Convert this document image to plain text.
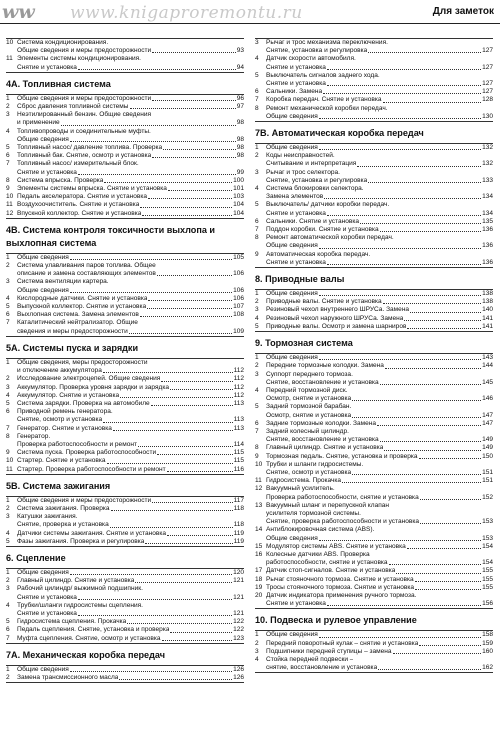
ww www.knigaproremontu.ru	Для заметок
10 Система кондиционирования.
Общие сведения и меры предосторожности	93
11 Элементы системы кондиционирования.
Снятие и установка	94
4А. Топливная система
1	Общие сведения и меры предосторожности	96
2	Сброс давления топливной системы	97
3	Неэтилированный бензин. Общие сведения
и применение	98
4	Топливопроводы и соединительные муфты.
Общие сведения	98
5	Топливный насос/ давление топлива. Проверка	98
6	Топливный бак. Снятие, осмотр и установка	98
7	Топливный насос/ измерительный блок.
Снятие и установка	99
8	Система впрыска. Проверка	100
9	Элементы системы впрыска. Снятие и установка	101
10 Педаль акселератора. Снятие и установка	103
11 Воздухоочиститель. Снятие и установка	104
12 Впускной коллектор. Снятие и установка	104
4В. Система контроля токсичности выхлопа и выхлопная система
1	Общие сведения	105
2	Система улавливания паров топлива. Общее
описание и замена составляющих элементов	106
3	Система вентиляции картера.
Общие сведения	106
4	Кислородные датчики. Снятие и установка	106
5	Выпускной коллектор. Снятие и установка	107
6	Выхлопная система. Замена элементов	108
7	Каталитический нейтрализатор. Общие
сведения и меры предосторожности	109
5А. Системы пуска и зарядки
1	Общие сведения, меры предосторожности
и отключение аккумулятора	112
2	Исследование электроцепей. Общие сведения	112
3	Аккумулятор. Проверка уровня зарядки и зарядка	112
4	Аккумулятор. Снятие и установка	112
5	Система зарядки. Проверка на автомобиле	113
6	Приводной ремень генератора.
Снятие, осмотр и установка	113
7	Генератор. Снятие и установка	113
8	Генератор.
Проверка работоспособности и ремонт	114
9	Система пуска. Проверка работоспособности	115
10 Стартер. Снятие и установка	115
11 Стартер. Проверка работоспособности и ремонт	116
5В. Система зажигания
1	Общие сведения и меры предосторожности	117
2	Система зажигания. Проверка	118
3	Катушки зажигания.
Снятие, проверка и установка	118
4	Датчики системы зажигания. Снятие и установка	119
5	Фазы зажигания. Проверка и регулировка	119
6. Сцепление
1	Общие сведения	120
2	Главный цилиндр. Снятие и установка	121
3	Рабочий цилиндр/ выжимной подшипник.
Снятие и установка	121
4	Трубки/шланги гидросистемы сцепления.
Снятие и установка	121
5	Гидросистема сцепления. Прокачка	122
6	Педаль сцепления. Снятие, установка и проверка	122
7	Муфта сцепления. Снятие, осмотр и установка	123
7А. Механическая коробка передач
1	Общие сведения	126
2	Замена трансмиссионного масла	126
3	Рычаг и трос механизма переключения.
Снятие, установка и регулировка	127
4	Датчик скорости автомобиля.
Снятие и установка	127
5	Выключатель сигналов заднего хода.
Снятие и установка	127
6	Сальники. Замена	127
7	Коробка передач. Снятие и установка	128
8	Ремонт механической коробки передач.
Общие сведения	130
7В. Автоматическая коробка передач
1	Общие сведения	132
2	Коды неисправностей.
Считывание и интерпретация	132
3	Рычаг и трос селектора.
Снятие, установка и регулировка	133
4	Система блокировки селектора.
Замена элементов	134
5	Выключатель/ датчики коробки передач.
Снятие и установка	134
6	Сальники. Снятие и установка	135
7	Поддон коробки. Снятие и установка	136
8	Ремонт автоматической коробки передач.
Общие сведения	136
9	Автоматическая коробка передач.
Снятие и установка	136
8. Приводные валы
1	Общие сведения	138
2	Приводные валы. Снятие и установка	138
3	Резиновый чехол внутреннего ШРУСа. Замена	140
4	Резиновый чехол наружного ШРУСа. Замена	141
5	Приводные валы. Осмотр и замена шарниров	141
9. Тормозная система
1	Общие сведения	143
2	Передние тормозные колодки. Замена	144
3	Суппорт переднего тормоза.
Снятие, восстановление и установка	145
4	Передний тормозной диск.
Осмотр, снятие и установка	146
5	Задний тормозной барабан.
Осмотр, снятие и установка	147
6	Задние тормозные колодки. Замена	147
7	Задний колесный цилиндр.
Снятие, восстановление и установка	149
8	Главный цилиндр. Снятие и установка	149
9	Тормозная педаль. Снятие, установка и проверка	150
10 Трубки и шланги гидросистемы.
Снятие, осмотр и установка	151
11 Гидросистема. Прокачка	151
12 Вакуумный усилитель.
Проверка работоспособности, снятие и установка	152
13 Вакуумный шланг и перепускной клапан
усилителя тормозной системы.
Снятие, проверка работоспособности и установка	153
14 Антиблокировочная система (ABS).
Общие сведения	153
15 Модулятор системы ABS. Снятие и установка	154
16 Колесные датчики ABS. Проверка
работоспособности, снятие и установка	154
17 Датчик стоп-сигналов. Снятие и установка	155
18 Рычаг стояночного тормоза. Снятие и установка	155
19 Тросы стояночного тормоза. Снятие и установка	155
20 Датчик индикатора применения ручного тормоза.
Снятие и установка	156
10. Подвеска и рулевое управление
1	Общие сведения	158
2	Передний поворотный кулак – снятие и установка	159
3	Подшипники передней ступицы – замена	160
4	Стойка передней подвески –
снятие, восстановление и установка	162
